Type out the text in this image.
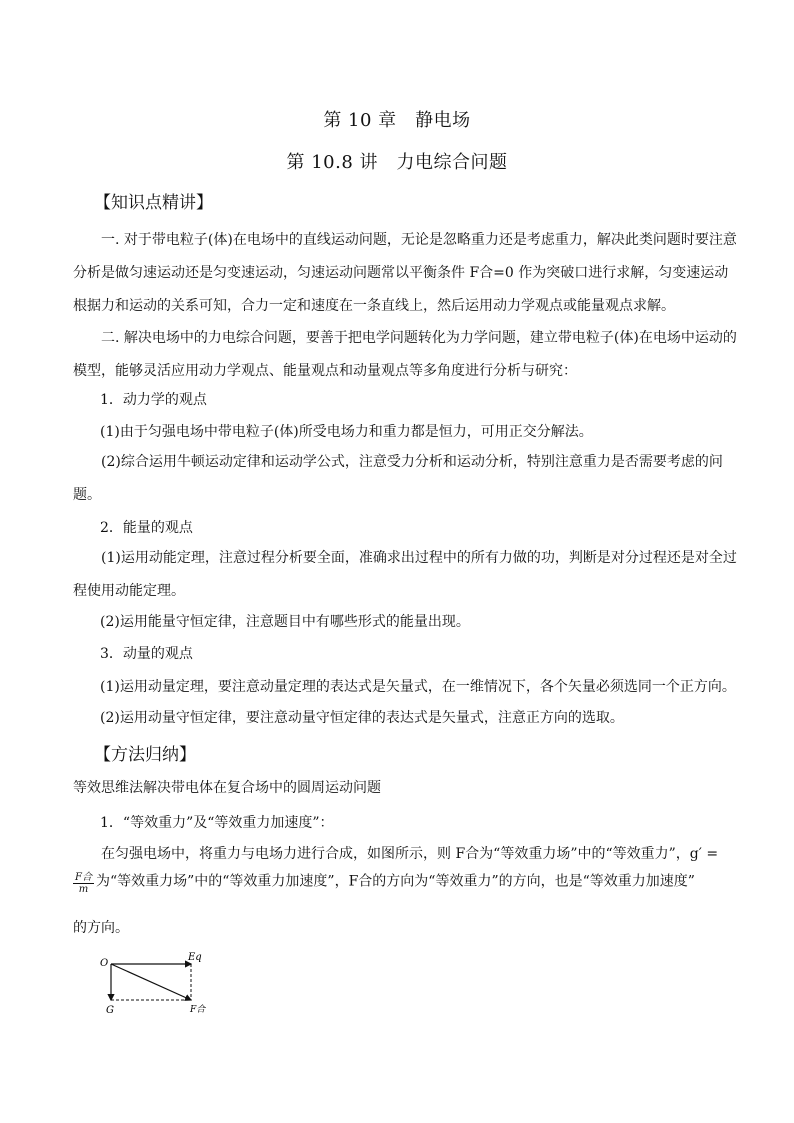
第 10 章　静电场
第 10.8 讲　力电综合问题
【知识点精讲】
一. 对于带电粒子(体)在电场中的直线运动问题，无论是忽略重力还是考虑重力，解决此类问题时要注意分析是做匀速运动还是匀变速运动，匀速运动问题常以平衡条件 F合=0 作为突破口进行求解，匀变速运动根据力和运动的关系可知，合力一定和速度在一条直线上，然后运用动力学观点或能量观点求解。
二. 解决电场中的力电综合问题，要善于把电学问题转化为力学问题，建立带电粒子(体)在电场中运动的模型，能够灵活应用动力学观点、能量观点和动量观点等多角度进行分析与研究：
1．动力学的观点
(1)由于匀强电场中带电粒子(体)所受电场力和重力都是恒力，可用正交分解法。
(2)综合运用牛顿运动定律和运动学公式，注意受力分析和运动分析，特别注意重力是否需要考虑的问题。
2．能量的观点
(1)运用动能定理，注意过程分析要全面，准确求出过程中的所有力做的功，判断是对分过程还是对全过程使用动能定理。
(2)运用能量守恒定律，注意题目中有哪些形式的能量出现。
3．动量的观点
(1)运用动量定理，要注意动量定理的表达式是矢量式，在一维情况下，各个矢量必须选同一个正方向。
(2)运用动量守恒定律，要注意动量守恒定律的表达式是矢量式，注意正方向的选取。
【方法归纳】
等效思维法解决带电体在复合场中的圆周运动问题
1．“等效重力”及“等效重力加速度”：
在匀强电场中，将重力与电场力进行合成，如图所示，则 F合为“等效重力场”中的“等效重力”，g′ =
F合
m 为“等效重力场”中的“等效重力加速度”，F合的方向为“等效重力”的方向，也是“等效重力加速度”
的方向。
O
Eq
G	F合
